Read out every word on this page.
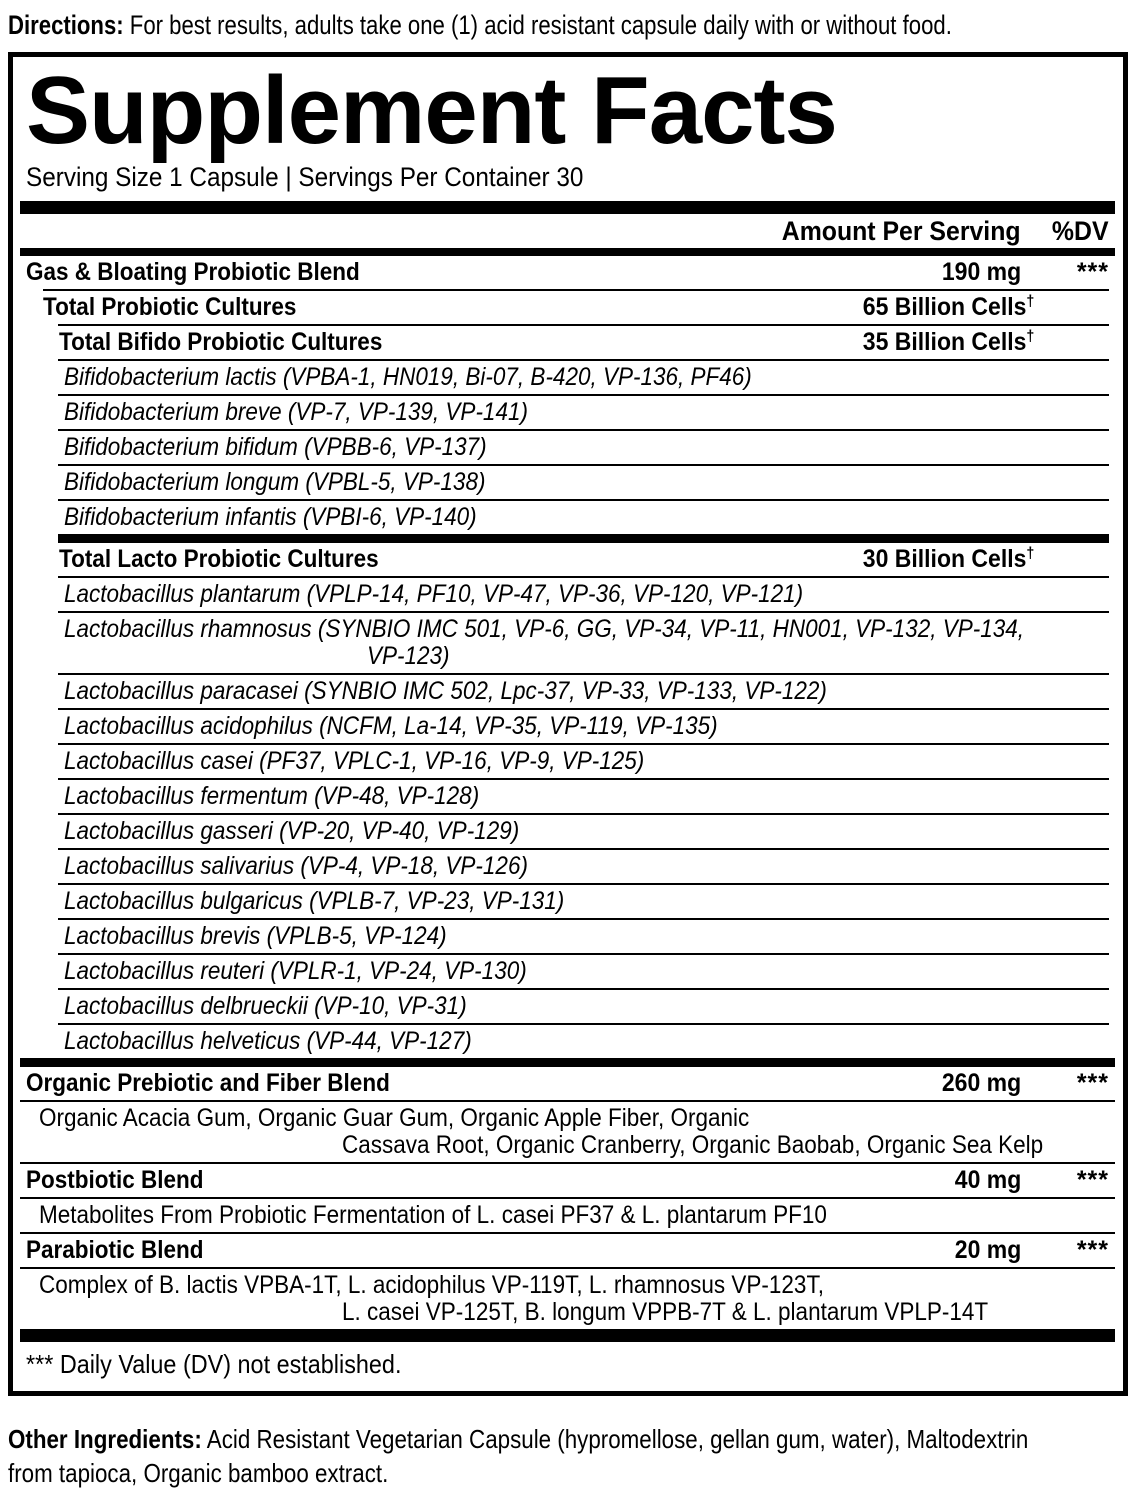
Directions: For best results, adults take one (1) acid resistant capsule daily with or without food.

Supplement Facts
Serving Size 1 Capsule | Servings Per Container 30
Amount Per Serving	%DV
Gas & Bloating Probiotic Blend	190 mg	***
Total Probiotic Cultures	65 Billion Cells†
Total Bifido Probiotic Cultures	35 Billion Cells†
Bifidobacterium lactis (VPBA-1, HN019, Bi-07, B-420, VP-136, PF46)
Bifidobacterium breve (VP-7, VP-139, VP-141)
Bifidobacterium bifidum (VPBB-6, VP-137)
Bifidobacterium longum (VPBL-5, VP-138)
Bifidobacterium infantis (VPBI-6, VP-140)
Total Lacto Probiotic Cultures	30 Billion Cells†
Lactobacillus plantarum (VPLP-14, PF10, VP-47, VP-36, VP-120, VP-121)
Lactobacillus rhamnosus (SYNBIO IMC 501, VP-6, GG, VP-34, VP-11, HN001, VP-132, VP-134,
VP-123)
Lactobacillus paracasei (SYNBIO IMC 502, Lpc-37, VP-33, VP-133, VP-122)
Lactobacillus acidophilus (NCFM, La-14, VP-35, VP-119, VP-135)
Lactobacillus casei (PF37, VPLC-1, VP-16, VP-9, VP-125)
Lactobacillus fermentum (VP-48, VP-128)
Lactobacillus gasseri (VP-20, VP-40, VP-129)
Lactobacillus salivarius (VP-4, VP-18, VP-126)
Lactobacillus bulgaricus (VPLB-7, VP-23, VP-131)
Lactobacillus brevis (VPLB-5, VP-124)
Lactobacillus reuteri (VPLR-1, VP-24, VP-130)
Lactobacillus delbrueckii (VP-10, VP-31)
Lactobacillus helveticus (VP-44, VP-127)
Organic Prebiotic and Fiber Blend	260 mg	***
Organic Acacia Gum, Organic Guar Gum, Organic Apple Fiber, Organic
Cassava Root, Organic Cranberry, Organic Baobab, Organic Sea Kelp
Postbiotic Blend	40 mg	***
Metabolites From Probiotic Fermentation of L. casei PF37 & L. plantarum PF10
Parabiotic Blend	20 mg	***
Complex of B. lactis VPBA-1T, L. acidophilus VP-119T, L. rhamnosus VP-123T,
L. casei VP-125T, B. longum VPPB-7T & L. plantarum VPLP-14T

*** Daily Value (DV) not established.

Other Ingredients: Acid Resistant Vegetarian Capsule (hypromellose, gellan gum, water), Maltodextrin
from tapioca, Organic bamboo extract.
